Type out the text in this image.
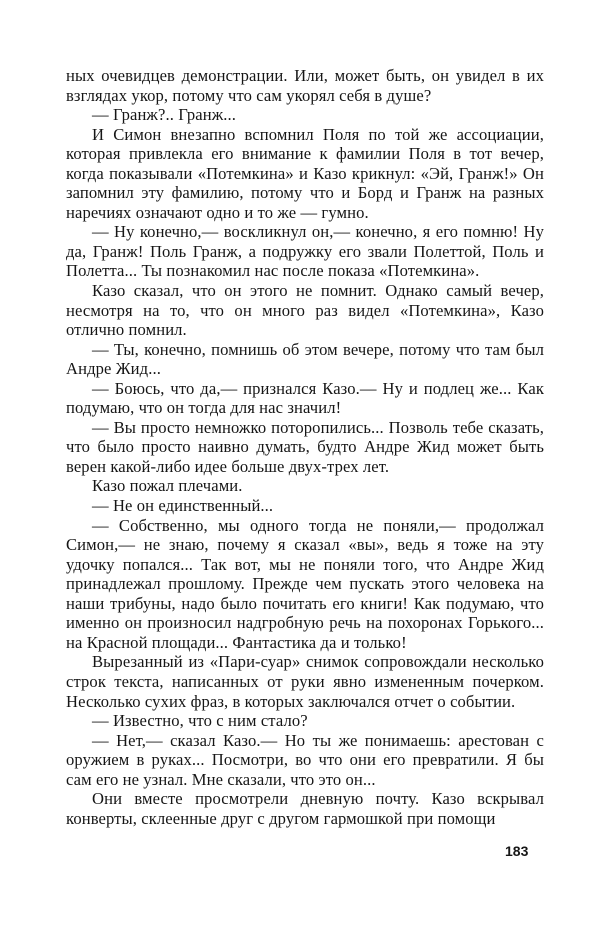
ных очевидцев демонстрации. Или, может быть, он увидел в их взглядах укор, потому что сам укорял себя в душе?

— Гранж?.. Гранж...

И Симон внезапно вспомнил Поля по той же ассоциации, которая привлекла его внимание к фамилии Поля в тот вечер, когда показывали «Потемкина» и Казо крикнул: «Эй, Гранж!» Он запомнил эту фамилию, потому что и Борд и Гранж на разных наречиях означают одно и то же — гумно.

— Ну конечно,— воскликнул он,— конечно, я его помню! Ну да, Гранж! Поль Гранж, а подружку его звали Полеттой, Поль и Полетта... Ты познакомил нас после показа «Потемкина».

Казо сказал, что он этого не помнит. Однако самый вечер, несмотря на то, что он много раз видел «Потемкина», Казо отлично помнил.

— Ты, конечно, помнишь об этом вечере, потому что там был Андре Жид...

— Боюсь, что да,— признался Казо.— Ну и подлец же... Как подумаю, что он тогда для нас значил!

— Вы просто немножко поторопились... Позволь тебе сказать, что было просто наивно думать, будто Андре Жид может быть верен какой-либо идее больше двух-трех лет.

Казо пожал плечами.

— Не он единственный...

— Собственно, мы одного тогда не поняли,— продолжал Симон,— не знаю, почему я сказал «вы», ведь я тоже на эту удочку попался... Так вот, мы не поняли того, что Андре Жид принадлежал прошлому. Прежде чем пускать этого человека на наши трибуны, надо было почитать его книги! Как подумаю, что именно он произносил надгробную речь на похоронах Горького... на Красной площади... Фантастика да и только!

Вырезанный из «Пари-суар» снимок сопровождали несколько строк текста, написанных от руки явно измененным почерком. Несколько сухих фраз, в которых заключался отчет о событии.

— Известно, что с ним стало?

— Нет,— сказал Казо.— Но ты же понимаешь: арестован с оружием в руках... Посмотри, во что они его превратили. Я бы сам его не узнал. Мне сказали, что это он...

Они вместе просмотрели дневную почту. Казо вскрывал конверты, склеенные друг с другом гармошкой при помощи

183
